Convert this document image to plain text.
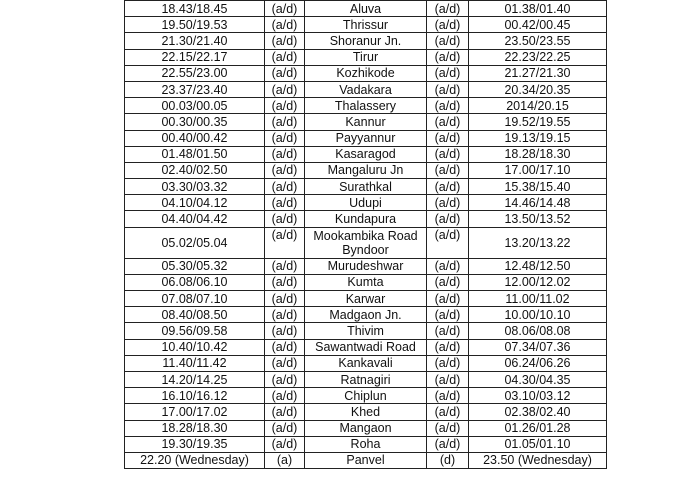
18.43/18.45	(a/d)	Aluva	(a/d)	01.38/01.40
19.50/19.53	(a/d)	Thrissur	(a/d)	00.42/00.45
21.30/21.40	(a/d)	Shoranur Jn.	(a/d)	23.50/23.55
22.15/22.17	(a/d)	Tirur	(a/d)	22.23/22.25
22.55/23.00	(a/d)	Kozhikode	(a/d)	21.27/21.30
23.37/23.40	(a/d)	Vadakara	(a/d)	20.34/20.35
00.03/00.05	(a/d)	Thalassery	(a/d)	2014/20.15
00.30/00.35	(a/d)	Kannur	(a/d)	19.52/19.55
00.40/00.42	(a/d)	Payyannur	(a/d)	19.13/19.15
01.48/01.50	(a/d)	Kasaragod	(a/d)	18.28/18.30
02.40/02.50	(a/d)	Mangaluru Jn	(a/d)	17.00/17.10
03.30/03.32	(a/d)	Surathkal	(a/d)	15.38/15.40
04.10/04.12	(a/d)	Udupi	(a/d)	14.46/14.48
04.40/04.42	(a/d)	Kundapura	(a/d)	13.50/13.52
05.02/05.04	(a/d)	Mookambika Road Byndoor	(a/d)	13.20/13.22
05.30/05.32	(a/d)	Murudeshwar	(a/d)	12.48/12.50
06.08/06.10	(a/d)	Kumta	(a/d)	12.00/12.02
07.08/07.10	(a/d)	Karwar	(a/d)	11.00/11.02
08.40/08.50	(a/d)	Madgaon Jn.	(a/d)	10.00/10.10
09.56/09.58	(a/d)	Thivim	(a/d)	08.06/08.08
10.40/10.42	(a/d)	Sawantwadi Road	(a/d)	07.34/07.36
11.40/11.42	(a/d)	Kankavali	(a/d)	06.24/06.26
14.20/14.25	(a/d)	Ratnagiri	(a/d)	04.30/04.35
16.10/16.12	(a/d)	Chiplun	(a/d)	03.10/03.12
17.00/17.02	(a/d)	Khed	(a/d)	02.38/02.40
18.28/18.30	(a/d)	Mangaon	(a/d)	01.26/01.28
19.30/19.35	(a/d)	Roha	(a/d)	01.05/01.10
22.20 (Wednesday)	(a)	Panvel	(d)	23.50 (Wednesday)
